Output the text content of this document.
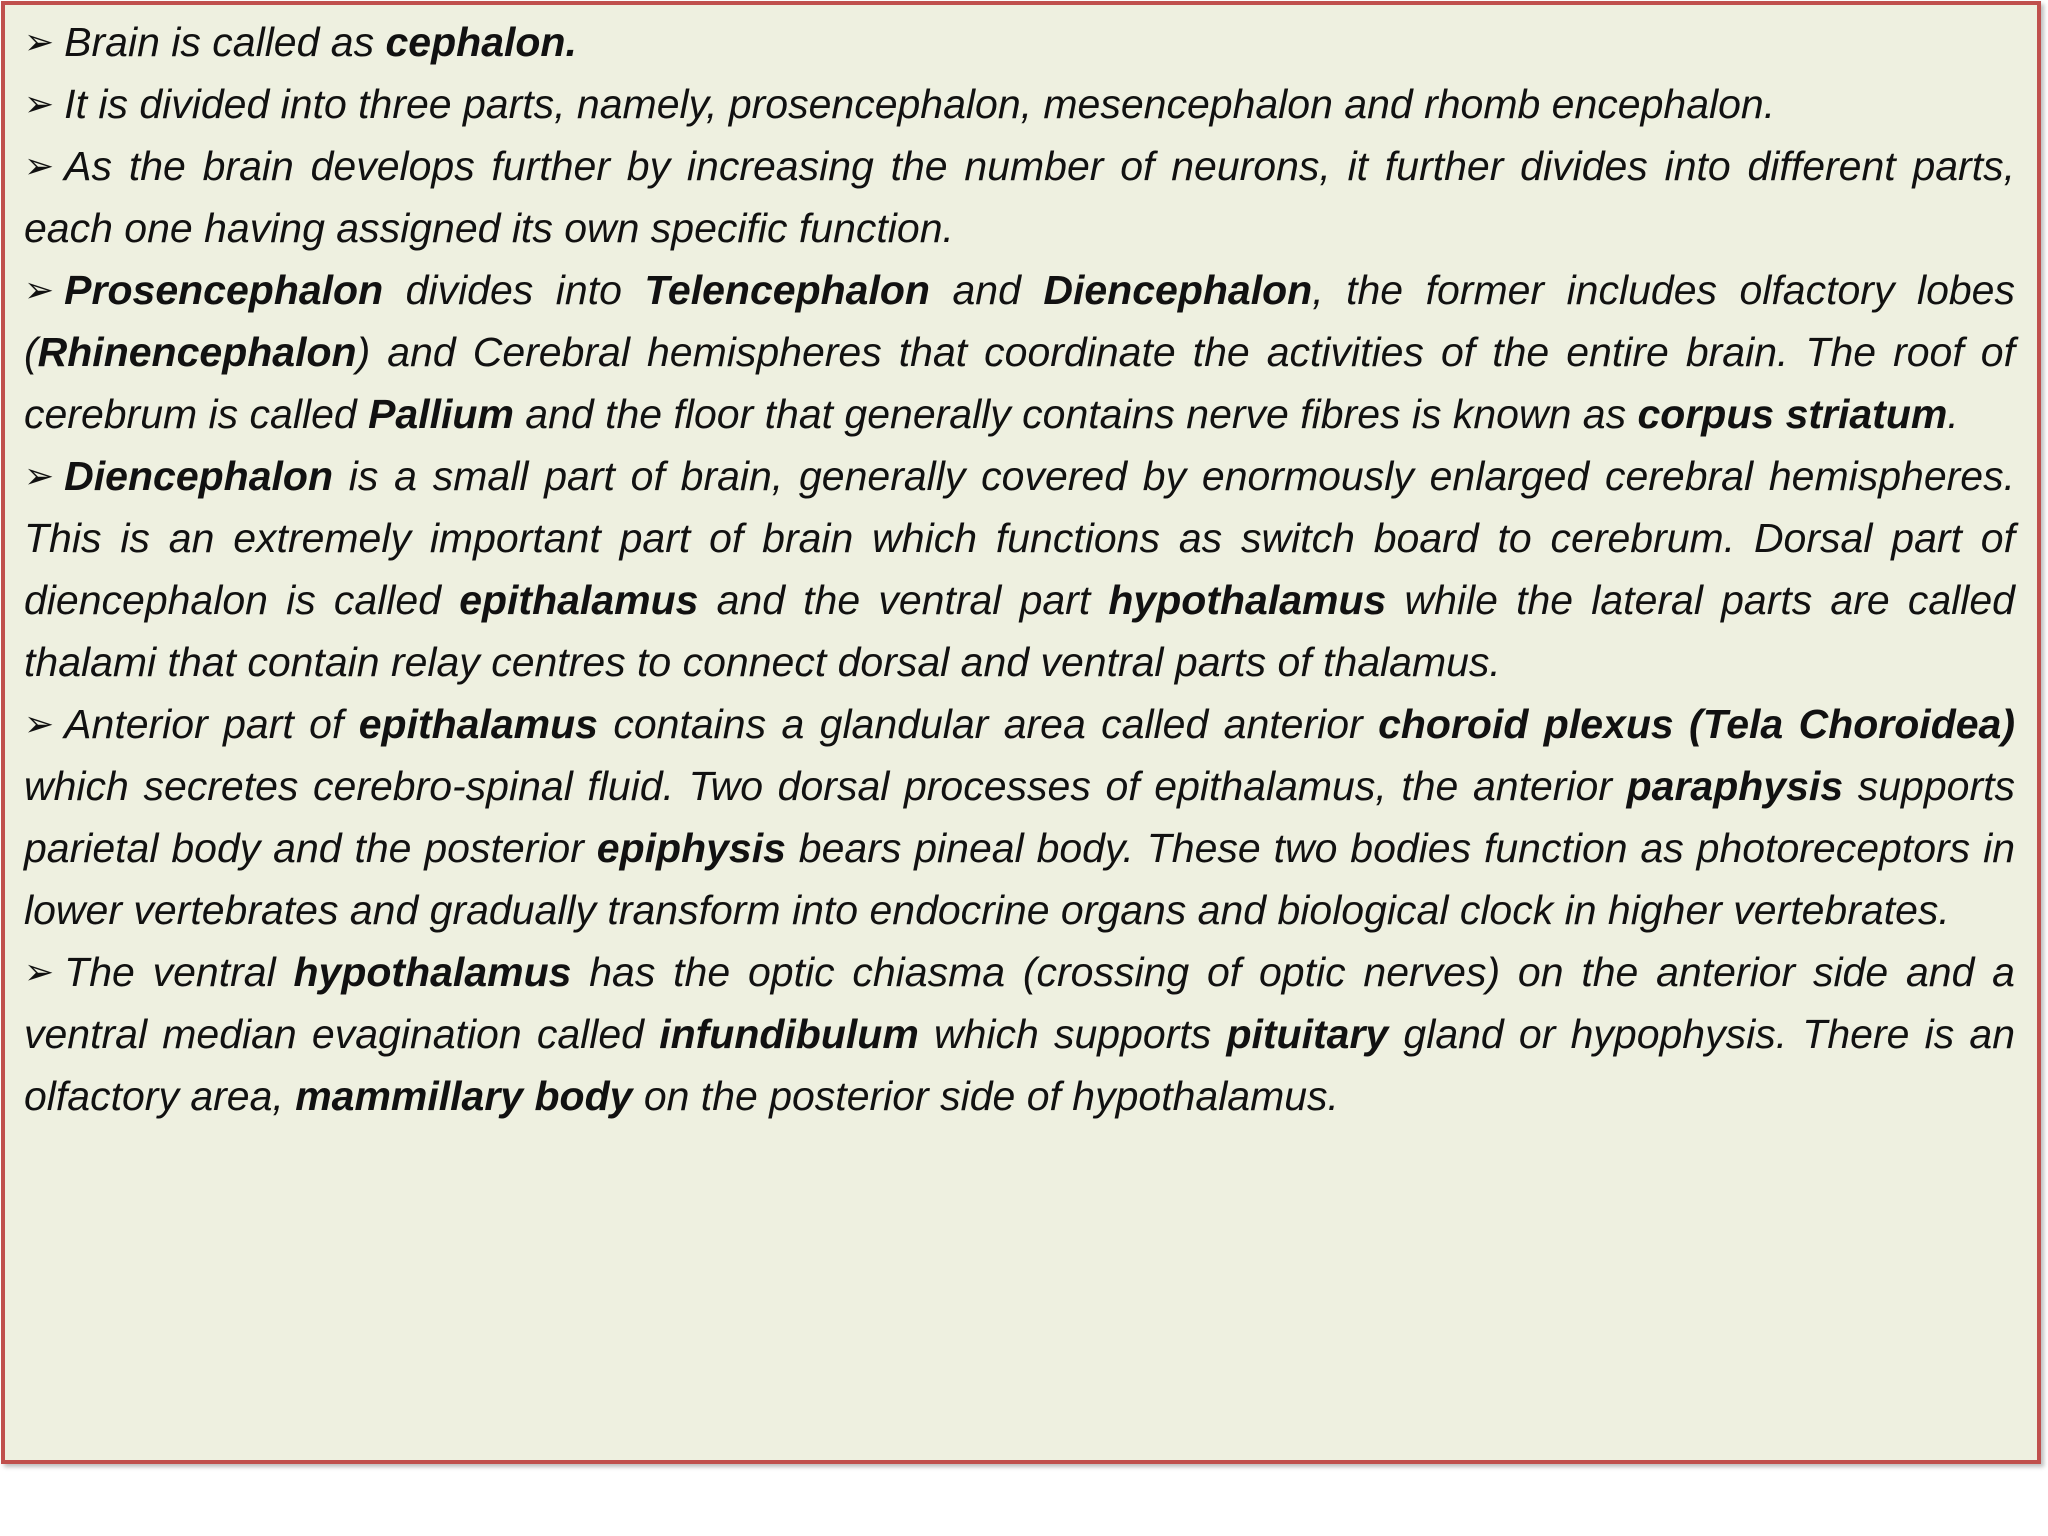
➢ Brain is called as cephalon.

➢ It is divided into three parts, namely, prosencephalon, mesencephalon and rhomb encephalon.

➢ As the brain develops further by increasing the number of neurons, it further divides into different parts, each one having assigned its own specific function.

➢ Prosencephalon divides into Telencephalon and Diencephalon, the former includes olfactory lobes (Rhinencephalon) and Cerebral hemispheres that coordinate the activities of the entire brain. The roof of cerebrum is called Pallium and the floor that generally contains nerve fibres is known as corpus striatum.

➢ Diencephalon is a small part of brain, generally covered by enormously enlarged cerebral hemispheres. This is an extremely important part of brain which functions as switch board to cerebrum. Dorsal part of diencephalon is called epithalamus and the ventral part hypothalamus while the lateral parts are called thalami that contain relay centres to connect dorsal and ventral parts of thalamus.

➢ Anterior part of epithalamus contains a glandular area called anterior choroid plexus (Tela Choroidea) which secretes cerebro-spinal fluid. Two dorsal processes of epithalamus, the anterior paraphysis supports parietal body and the posterior epiphysis bears pineal body. These two bodies function as photoreceptors in lower vertebrates and gradually transform into endocrine organs and biological clock in higher vertebrates.

➢ The ventral hypothalamus has the optic chiasma (crossing of optic nerves) on the anterior side and a ventral median evagination called infundibulum which supports pituitary gland or hypophysis. There is an olfactory area, mammillary body on the posterior side of hypothalamus.
